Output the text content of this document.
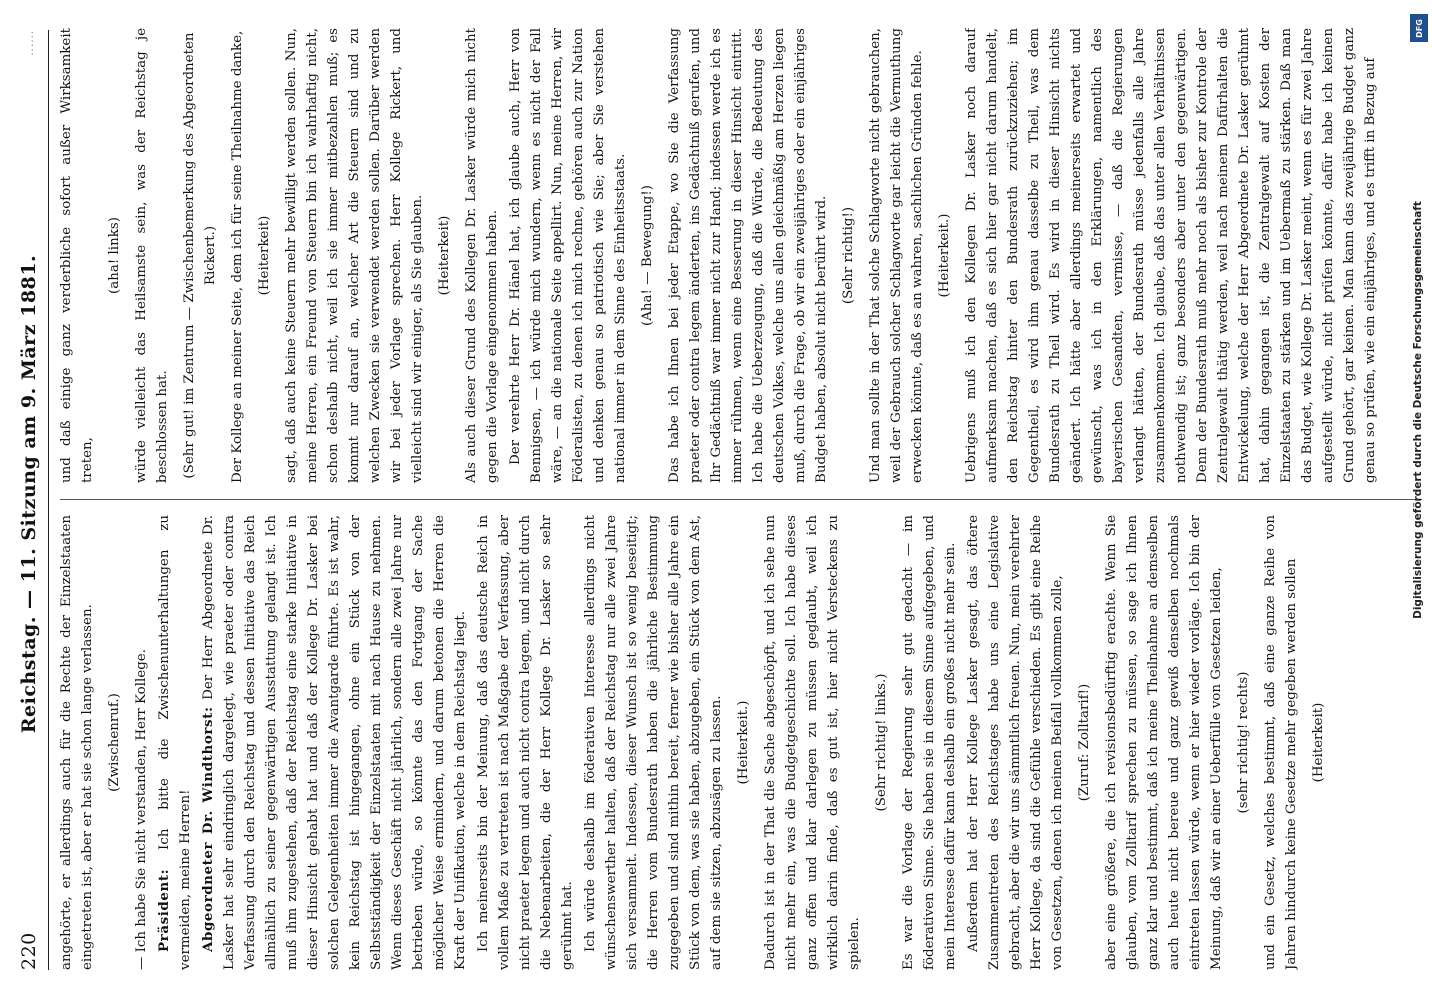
220
Reichstag. — 11. Sitzung am 9. März 1881.
......

angehörte, er allerdings auch für die Rechte der Einzelstaaten eingetreten ist, aber er hat sie schon lange verlassen. (Zwischenruf.) — Ich habe Sie nicht verstanden, Herr Kollege. Präsident: Ich bitte die Zwischenunterhaltungen zu vermeiden, meine Herren! Abgeordneter Dr. Windthorst: Der Herr Abgeordnete Dr. Lasker hat sehr eindringlich dargelegt, wie praeter oder contra Verfassung durch den Reichstag und dessen Initiative das Reich allmählich zu seiner gegenwärtigen Ausstattung gelangt ist. Ich muß ihm zugestehen, daß der Reichstag eine starke Initiative in dieser Hinsicht gehabt hat und daß der Kollege Dr. Lasker bei solchen Gelegenheiten immer die Avantgarde führte. Es ist wahr, kein Reichstag ist hingegangen, ohne ein Stück von der Selbstständigkeit der Einzelstaaten mit nach Hause zu nehmen. Wenn dieses Geschäft nicht jährlich, sondern alle zwei Jahre nur betrieben würde, so könnte das den Fortgang der Sache möglicher Weise ermindern, und darum betonen die Herren die Kraft der Unifikation, welche in dem Reichstag liegt. Ich meinerseits bin der Meinung, daß das deutsche Reich in vollem Maße zu vertreten ist nach Maßgabe der Verfassung, aber nicht praeter legem und auch nicht contra legem, und nicht durch die Nebenarbeiten, die der Herr Kollege Dr. Lasker so sehr gerühmt hat. Ich würde deshalb im föderativen Interesse allerdings nicht wünschenswerther halten, daß der Reichstag nur alle zwei Jahre sich versammelt. Indessen, dieser Wunsch ist so wenig beseitigt; die Herren vom Bundesrath haben die jährliche Bestimmung zugegeben und sind mithin bereit, ferner wie bisher alle Jahre ein Stück von dem, was sie haben, abzugeben, ein Stück von dem Ast, auf dem sie sitzen, abzusägen zu lassen. (Heiterkeit.) Dadurch ist in der That die Sache abgeschöpft, und ich sehe nun nicht mehr ein, was die Budgetgeschichte soll. Ich habe dieses ganz offen und klar darlegen zu müssen geglaubt, weil ich wirklich darin finde, daß es gut ist, hier nicht Versteckens zu spielen.

(Sehr richtig! links.) Es war die Vorlage der Regierung sehr gut gedacht — im föderativen Sinne. Sie haben sie in diesem Sinne aufgegeben, und mein Interesse dafür kann deshalb ein großes nicht mehr sein. Außerdem hat der Herr Kollege Lasker gesagt, das öftere Zusammentreten des Reichstages habe uns eine Legislative gebracht, aber die wir uns sämmtlich freuen. Nun, mein verehrter Herr Kollege, da sind die Gefühle verschieden. Es gibt eine Reihe von Gesetzen, denen ich meinen Beifall vollkommen zolle, (Zuruf: Zolltarif!) aber eine größere, die ich revisionsbedürftig erachte. Wenn Sie glauben, vom Zolltarif sprechen zu müssen, so sage ich Ihnen ganz klar und bestimmt, daß ich meine Theilnahme an demselben auch heute nicht bereue und ganz gewiß denselben nochmals eintreten lassen würde, wenn er hier wieder vorläge. Ich bin der Meinung, daß wir an einer Ueberfülle von Gesetzen leiden, (sehr richtig! rechts) und ein Gesetz, welches bestimmt, daß eine ganze Reihe von Jahren hindurch keine Gesetze mehr gegeben werden sollen (Heiterkeit)

und daß einige ganz verderbliche sofort außer Wirksamkeit treten,

(aha! links) würde vielleicht das Heilsamste sein, was der Reichstag je beschlossen hat. (Sehr gut! im Zentrum — Zwischenbemerkung des Abgeordneten Rickert.) Der Kollege an meiner Seite, dem ich für seine Theilnahme danke, (Heiterkeit) sagt, daß auch keine Steuern mehr bewilligt werden sollen. Nun, meine Herren, ein Freund von Steuern bin ich wahrhaftig nicht, schon deshalb nicht, weil ich sie immer mitbezahlen muß; es kommt nur darauf an, welcher Art die Steuern sind und zu welchen Zwecken sie verwendet werden sollen. Darüber werden wir bei jeder Vorlage sprechen. Herr Kollege Rickert, und vielleicht sind wir einiger, als Sie glauben. (Heiterkeit) Als auch dieser Grund des Kollegen Dr. Lasker würde mich nicht gegen die Vorlage eingenommen haben. Der verehrte Herr Dr. Hänel hat, ich glaube auch, Herr von Bennigsen, — ich würde mich wundern, wenn es nicht der Fall wäre, — an die nationale Seite appellirt. Nun, meine Herren, wir Föderalisten, zu denen ich mich rechne, gehören auch zur Nation und denken genau so patriotisch wie Sie; aber Sie verstehen national immer in dem Sinne des Einheitsstaats. (Aha! — Bewegung!) Das habe ich Ihnen bei jeder Etappe, wo Sie die Verfassung praeter oder contra legem änderten, ins Gedächtniß gerufen, und Ihr Gedächtniß war immer nicht zur Hand; indessen werde ich es immer rühmen, wenn eine Besserung in dieser Hinsicht eintritt. Ich habe die Ueberzeugung, daß die Würde, die Bedeutung des deutschen Volkes, welche uns allen gleichmäßig am Herzen liegen muß, durch die Frage, ob wir ein zweijähriges oder ein einjähriges Budget haben, absolut nicht berührt wird. (Sehr richtig!) Und man sollte in der That solche Schlagworte nicht gebrauchen, weil der Gebrauch solcher Schlagworte gar leicht die Vermuthung erwecken könnte, daß es an wahren, sachlichen Gründen fehle. (Heiterkeit.) Uebrigens muß ich den Kollegen Dr. Lasker noch darauf aufmerksam machen, daß es sich hier gar nicht darum handelt, den Reichstag hinter den Bundesrath zurückzuziehen; im Gegentheil, es wird ihm genau dasselbe zu Theil, was dem Bundesrath zu Theil wird. Es wird in dieser Hinsicht nichts geändert. Ich hätte aber allerdings meinerseits erwartet und gewünscht, was ich in den Erklärungen, namentlich des bayerischen Gesandten, vermisse, — daß die Regierungen verlangt hätten, der Bundesrath müsse jedenfalls alle Jahre zusammenkommen. Ich glaube, daß das unter allen Verhältnissen nothwendig ist; ganz besonders aber unter den gegenwärtigen. Denn der Bundesrath muß mehr noch als bisher zur Kontrole der Zentralgewalt thätig werden, weil nach meinem Dafürhalten die Entwickelung, welche der Herr Abgeordnete Dr. Lasker gerühmt hat, dahin gegangen ist, die Zentralgewalt auf Kosten der Einzelstaaten zu stärken und im Uebermaß zu stärken. Daß man das Budget, wie Kollege Dr. Lasker meint, wenn es für zwei Jahre aufgestellt würde, nicht prüfen könnte, dafür habe ich keinen Grund gehört, gar keinen. Man kann das zweijährige Budget ganz genau so prüfen, wie ein einjähriges, und es trifft in Bezug auf	Digitalisierung gefördert durch die Deutsche Forschungsgemeinschaft
DFG
